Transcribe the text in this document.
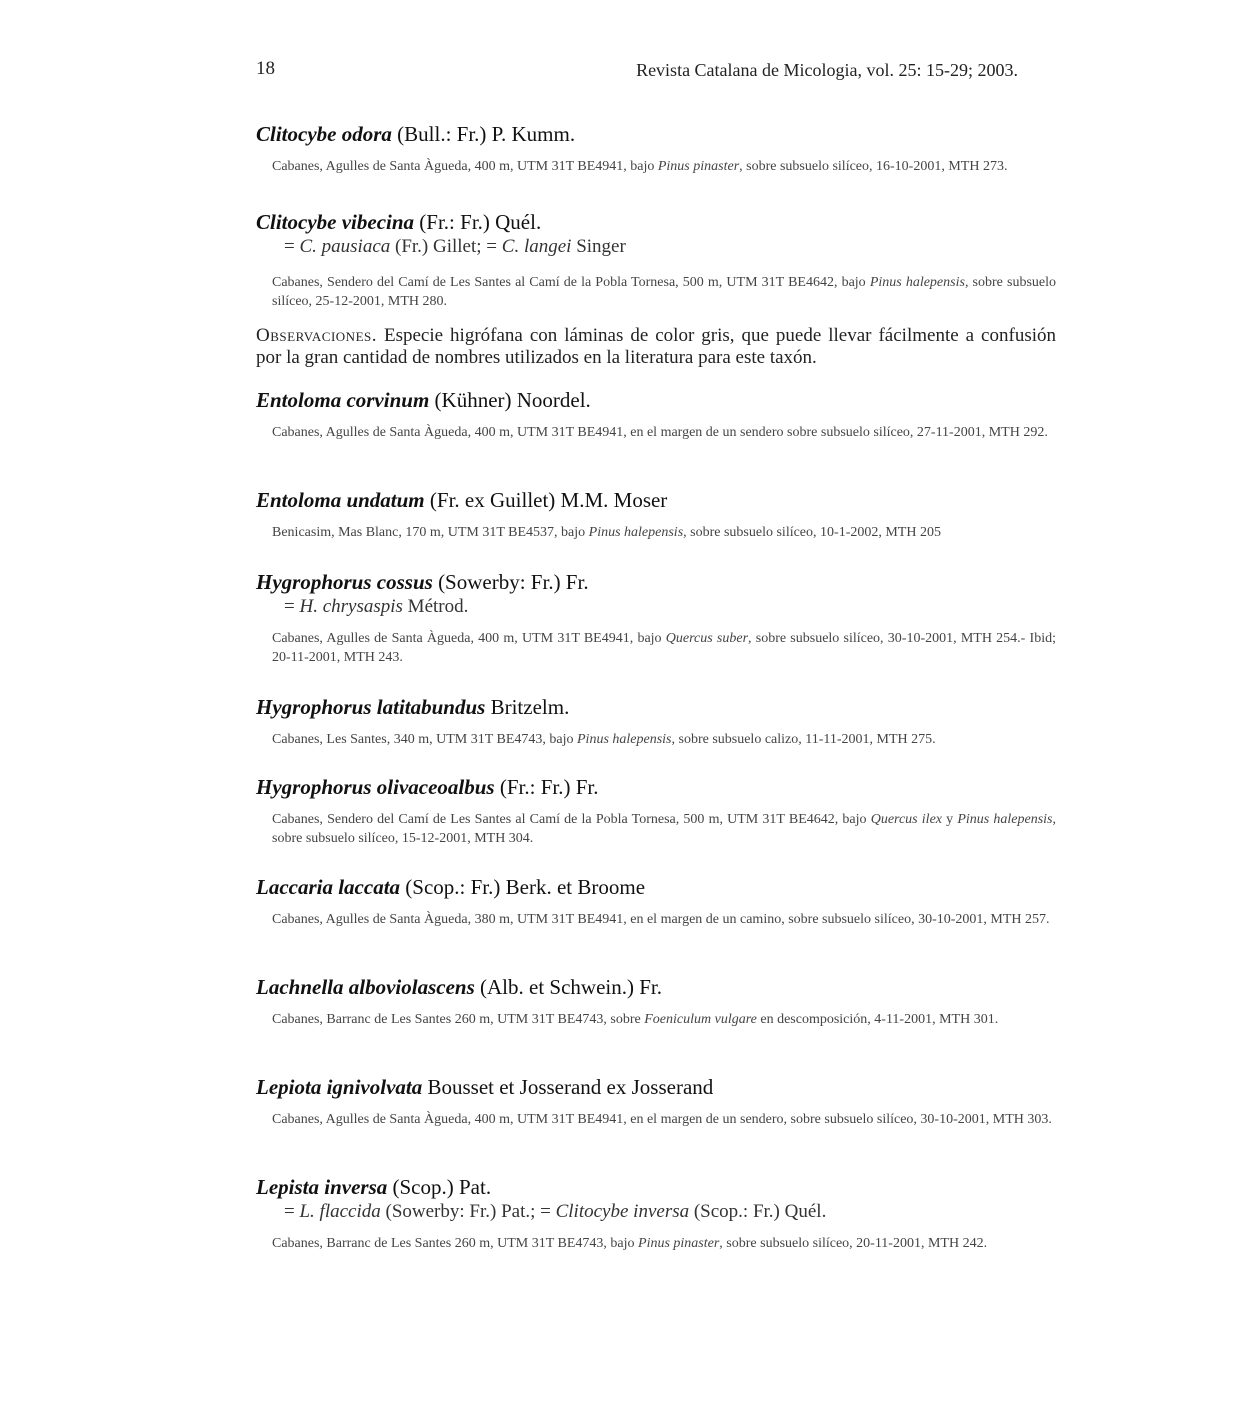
18	Revista Catalana de Micologia, vol. 25: 15-29; 2003.
Clitocybe odora (Bull.: Fr.) P. Kumm.
Cabanes, Agulles de Santa Àgueda, 400 m, UTM 31T BE4941, bajo Pinus pinaster, sobre subsuelo silíceo, 16-10-2001, MTH 273.
Clitocybe vibecina (Fr.: Fr.) Quél.
= C. pausiaca (Fr.) Gillet; = C. langei Singer
Cabanes, Sendero del Camí de Les Santes al Camí de la Pobla Tornesa, 500 m, UTM 31T BE4642, bajo Pinus halepensis, sobre subsuelo silíceo, 25-12-2001, MTH 280.
Observaciones. Especie higrófana con láminas de color gris, que puede llevar fácilmente a confusión por la gran cantidad de nombres utilizados en la literatura para este taxón.
Entoloma corvinum (Kühner) Noordel.
Cabanes, Agulles de Santa Àgueda, 400 m, UTM 31T BE4941, en el margen de un sendero sobre subsuelo silíceo, 27-11-2001, MTH 292.
Entoloma undatum (Fr. ex Guillet) M.M. Moser
Benicasim, Mas Blanc, 170 m, UTM 31T BE4537, bajo Pinus halepensis, sobre subsuelo silíceo, 10-1-2002, MTH 205
Hygrophorus cossus (Sowerby: Fr.) Fr.
= H. chrysaspis Métrod.
Cabanes, Agulles de Santa Àgueda, 400 m, UTM 31T BE4941, bajo Quercus suber, sobre subsuelo silíceo, 30-10-2001, MTH 254.- Ibid; 20-11-2001, MTH 243.
Hygrophorus latitabundus Britzelm.
Cabanes, Les Santes, 340 m, UTM 31T BE4743, bajo Pinus halepensis, sobre subsuelo calizo, 11-11-2001, MTH 275.
Hygrophorus olivaceoalbus (Fr.: Fr.) Fr.
Cabanes, Sendero del Camí de Les Santes al Camí de la Pobla Tornesa, 500 m, UTM 31T BE4642, bajo Quercus ilex y Pinus halepensis, sobre subsuelo silíceo, 15-12-2001, MTH 304.
Laccaria laccata (Scop.: Fr.) Berk. et Broome
Cabanes, Agulles de Santa Àgueda, 380 m, UTM 31T BE4941, en el margen de un camino, sobre subsuelo silíceo, 30-10-2001, MTH 257.
Lachnella alboviolascens (Alb. et Schwein.) Fr.
Cabanes, Barranc de Les Santes 260 m, UTM 31T BE4743, sobre Foeniculum vulgare en descomposición, 4-11-2001, MTH 301.
Lepiota ignivolvata Bousset et Josserand ex Josserand
Cabanes, Agulles de Santa Àgueda, 400 m, UTM 31T BE4941, en el margen de un sendero, sobre subsuelo silíceo, 30-10-2001, MTH 303.
Lepista inversa (Scop.) Pat.
= L. flaccida (Sowerby: Fr.) Pat.; = Clitocybe inversa (Scop.: Fr.) Quél.
Cabanes, Barranc de Les Santes 260 m, UTM 31T BE4743, bajo Pinus pinaster, sobre subsuelo silíceo, 20-11-2001, MTH 242.
